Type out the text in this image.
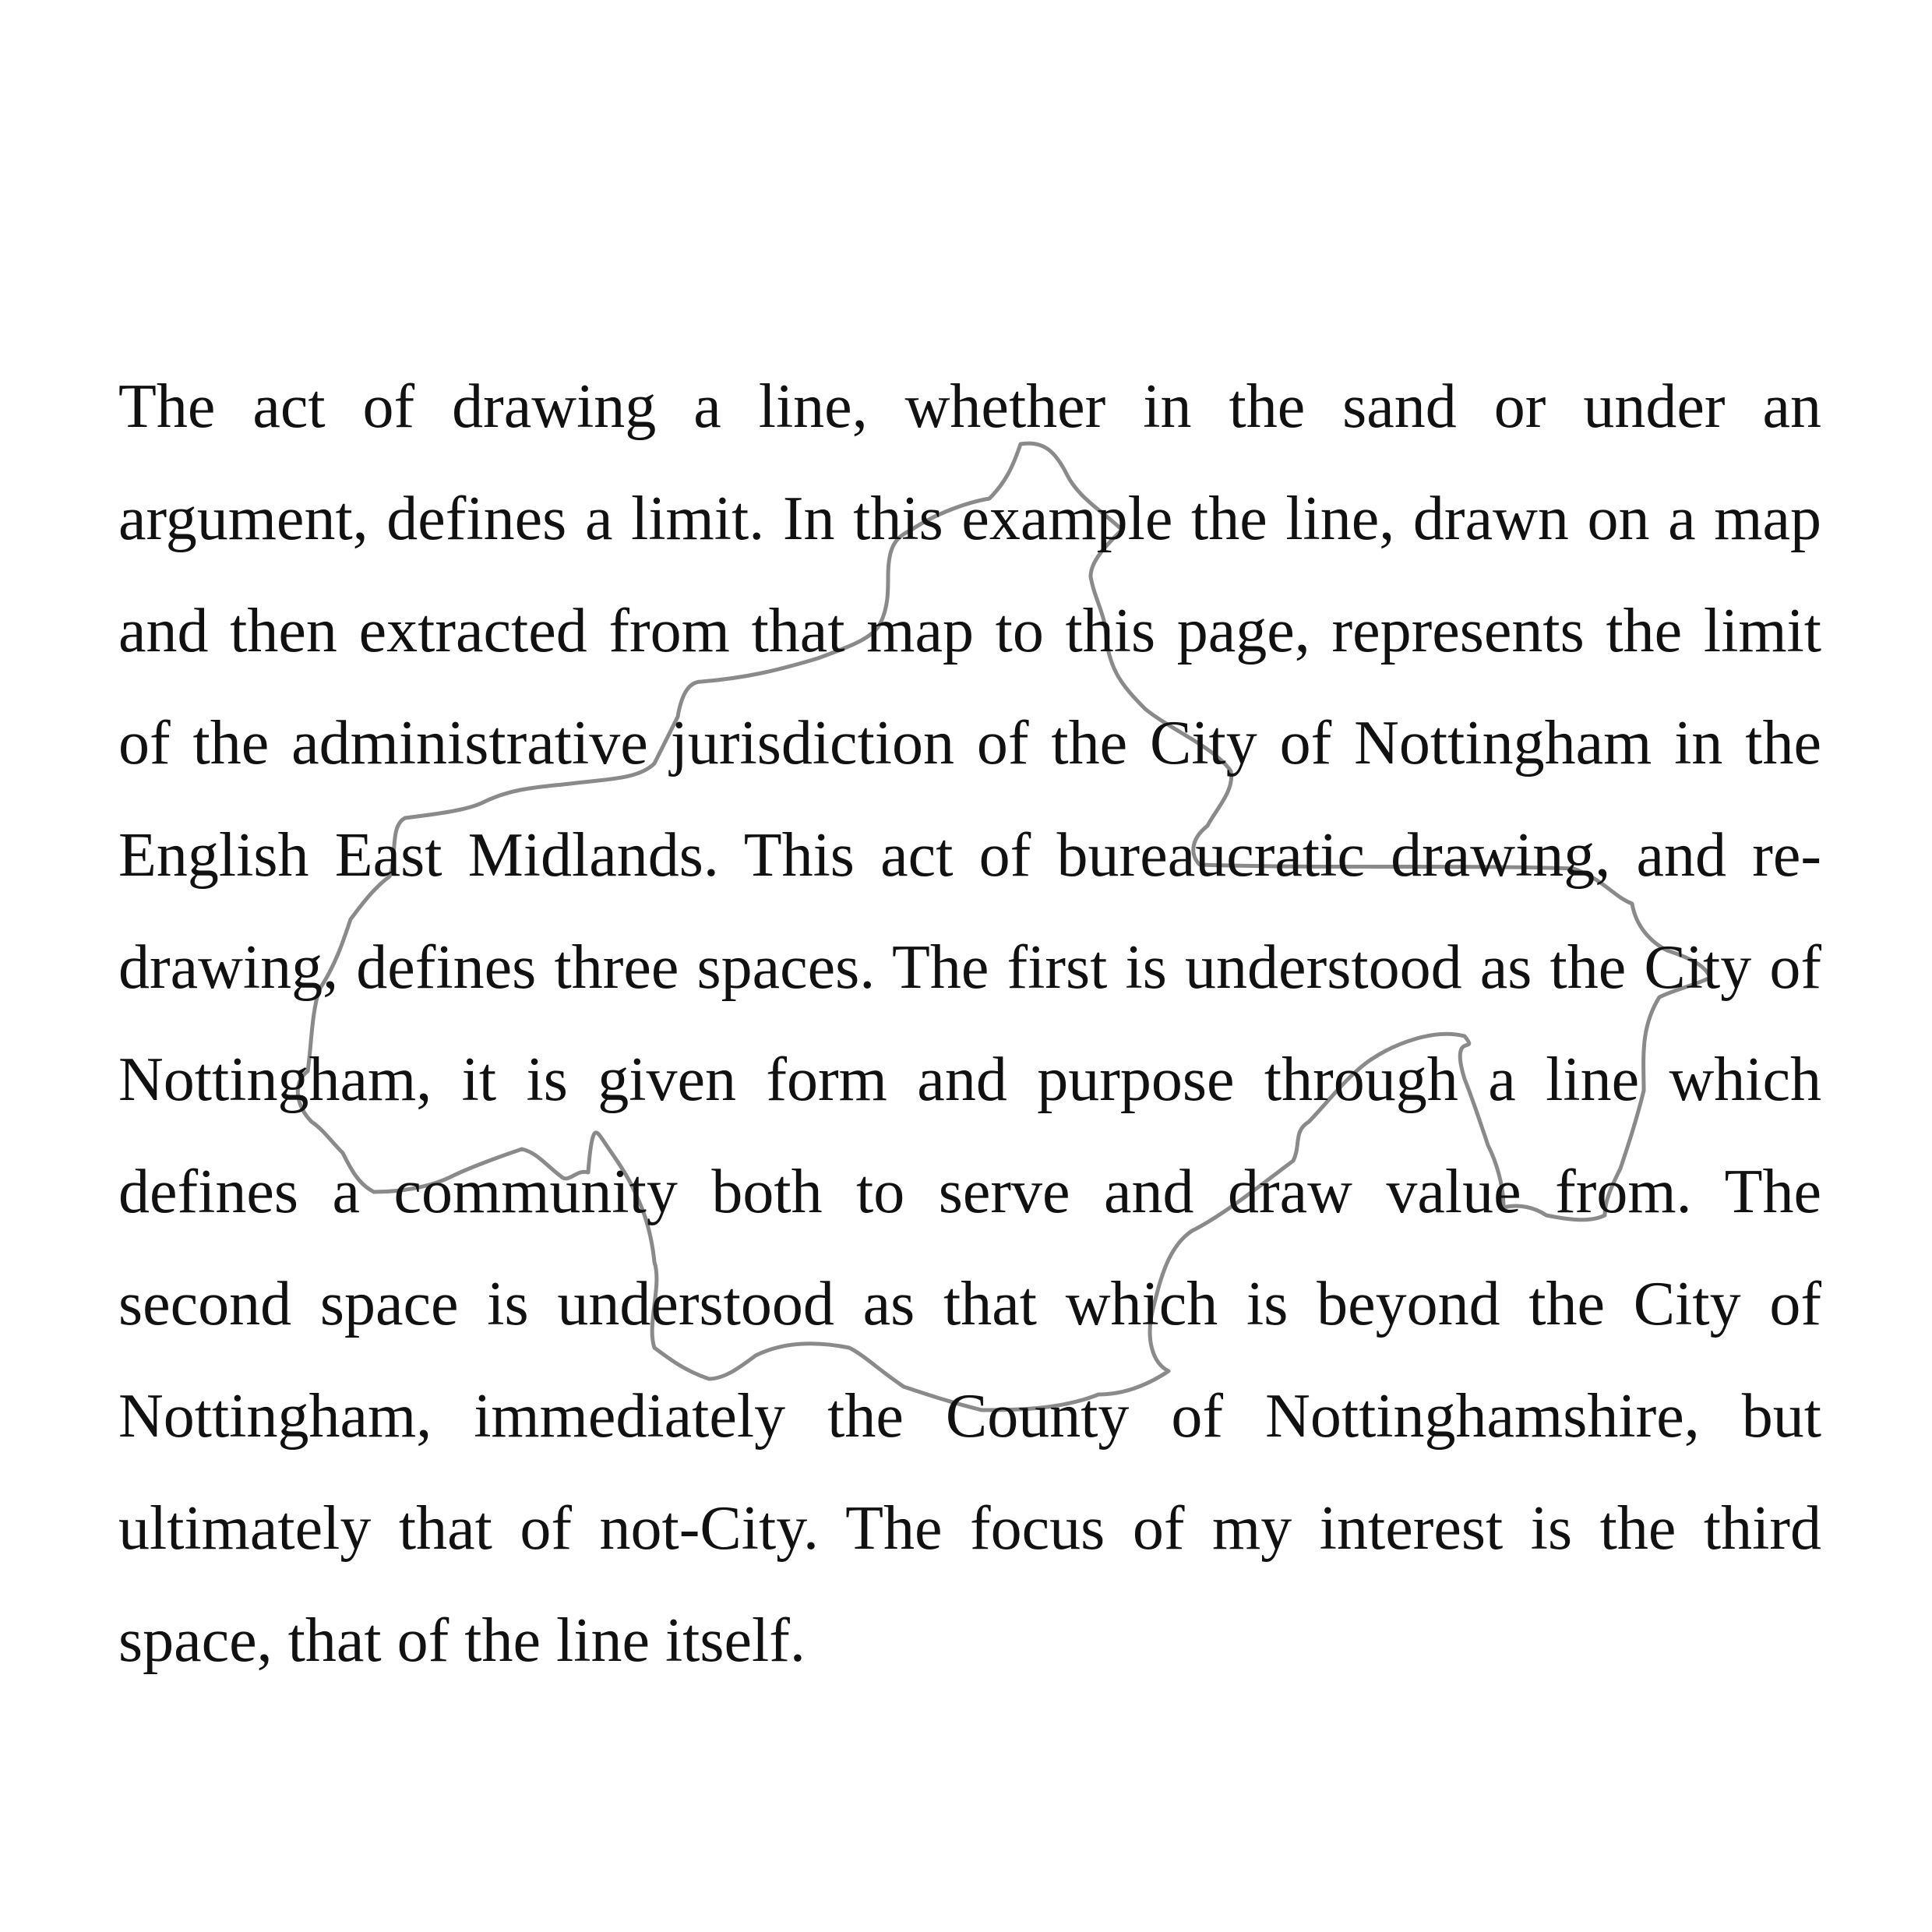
The act of drawing a line, whether in the sand or under an argument, defines a limit. In this example the line, drawn on a map and then extracted from that map to this page, represents the limit of the administrative jurisdiction of the City of Nottingham in the English East Midlands. This act of bureaucratic drawing, and re-drawing, defines three spaces. The first is understood as the City of Nottingham, it is given form and purpose through a line which defines a community both to serve and draw value from. The second space is understood as that which is beyond the City of Nottingham, immediately the County of Nottinghamshire, but ultimately that of not-City. The focus of my interest is the third space, that of the line itself.
